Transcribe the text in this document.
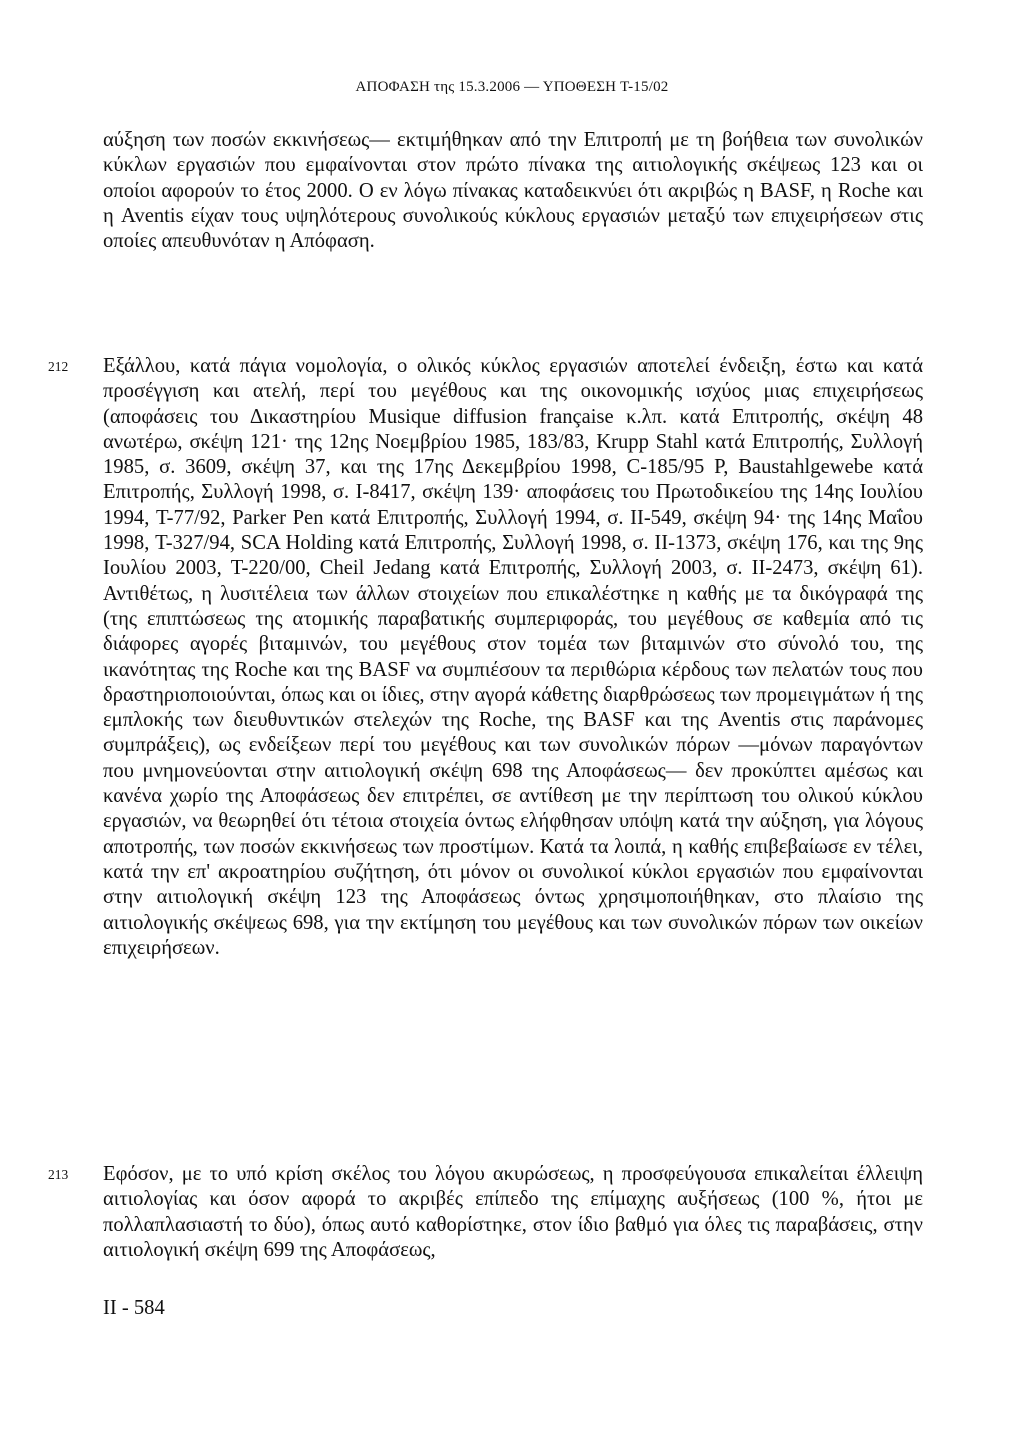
ΑΠΟΦΑΣΗ της 15.3.2006 — ΥΠΟΘΕΣΗ T-15/02
αύξηση των ποσών εκκινήσεως— εκτιμήθηκαν από την Επιτροπή με τη βοήθεια των συνολικών κύκλων εργασιών που εμφαίνονται στον πρώτο πίνακα της αιτιολογικής σκέψεως 123 και οι οποίοι αφορούν το έτος 2000. Ο εν λόγω πίνακας καταδεικνύει ότι ακριβώς η BASF, η Roche και η Aventis είχαν τους υψηλότερους συνολικούς κύκλους εργασιών μεταξύ των επιχειρήσεων στις οποίες απευθυνόταν η Απόφαση.
212 Εξάλλου, κατά πάγια νομολογία, ο ολικός κύκλος εργασιών αποτελεί ένδειξη, έστω και κατά προσέγγιση και ατελή, περί του μεγέθους και της οικονομικής ισχύος μιας επιχειρήσεως (αποφάσεις του Δικαστηρίου Musique diffusion française κ.λπ. κατά Επιτροπής, σκέψη 48 ανωτέρω, σκέψη 121· της 12ης Νοεμβρίου 1985, 183/83, Krupp Stahl κατά Επιτροπής, Συλλογή 1985, σ. 3609, σκέψη 37, και της 17ης Δεκεμβρίου 1998, C-185/95 P, Baustahlgewebe κατά Επιτροπής, Συλλογή 1998, σ. I-8417, σκέψη 139· αποφάσεις του Πρωτοδικείου της 14ης Ιουλίου 1994, T-77/92, Parker Pen κατά Επιτροπής, Συλλογή 1994, σ. II-549, σκέψη 94· της 14ης Μαΐου 1998, T-327/94, SCA Holding κατά Επιτροπής, Συλλογή 1998, σ. II-1373, σκέψη 176, και της 9ης Ιουλίου 2003, T-220/00, Cheil Jedang κατά Επιτροπής, Συλλογή 2003, σ. II-2473, σκέψη 61). Αντιθέτως, η λυσιτέλεια των άλλων στοιχείων που επικαλέστηκε η καθής με τα δικόγραφά της (της επιπτώσεως της ατομικής παραβατικής συμπεριφοράς, του μεγέθους σε καθεμία από τις διάφορες αγορές βιταμινών, του μεγέθους στον τομέα των βιταμινών στο σύνολό του, της ικανότητας της Roche και της BASF να συμπιέσουν τα περιθώρια κέρδους των πελατών τους που δραστηριοποιούνται, όπως και οι ίδιες, στην αγορά κάθετης διαρθρώσεως των προμειγμάτων ή της εμπλοκής των διευθυντικών στελεχών της Roche, της BASF και της Aventis στις παράνομες συμπράξεις), ως ενδείξεων περί του μεγέθους και των συνολικών πόρων —μόνων παραγόντων που μνημονεύονται στην αιτιολογική σκέψη 698 της Αποφάσεως— δεν προκύπτει αμέσως και κανένα χωρίο της Αποφάσεως δεν επιτρέπει, σε αντίθεση με την περίπτωση του ολικού κύκλου εργασιών, να θεωρηθεί ότι τέτοια στοιχεία όντως ελήφθησαν υπόψη κατά την αύξηση, για λόγους αποτροπής, των ποσών εκκινήσεως των προστίμων. Κατά τα λοιπά, η καθής επιβεβαίωσε εν τέλει, κατά την επ' ακροατηρίου συζήτηση, ότι μόνον οι συνολικοί κύκλοι εργασιών που εμφαίνονται στην αιτιολογική σκέψη 123 της Αποφάσεως όντως χρησιμοποιήθηκαν, στο πλαίσιο της αιτιολογικής σκέψεως 698, για την εκτίμηση του μεγέθους και των συνολικών πόρων των οικείων επιχειρήσεων.
213 Εφόσον, με το υπό κρίση σκέλος του λόγου ακυρώσεως, η προσφεύγουσα επικαλείται έλλειψη αιτιολογίας και όσον αφορά το ακριβές επίπεδο της επίμαχης αυξήσεως (100 %, ήτοι με πολλαπλασιαστή το δύο), όπως αυτό καθορίστηκε, στον ίδιο βαθμό για όλες τις παραβάσεις, στην αιτιολογική σκέψη 699 της Αποφάσεως,
II - 584
